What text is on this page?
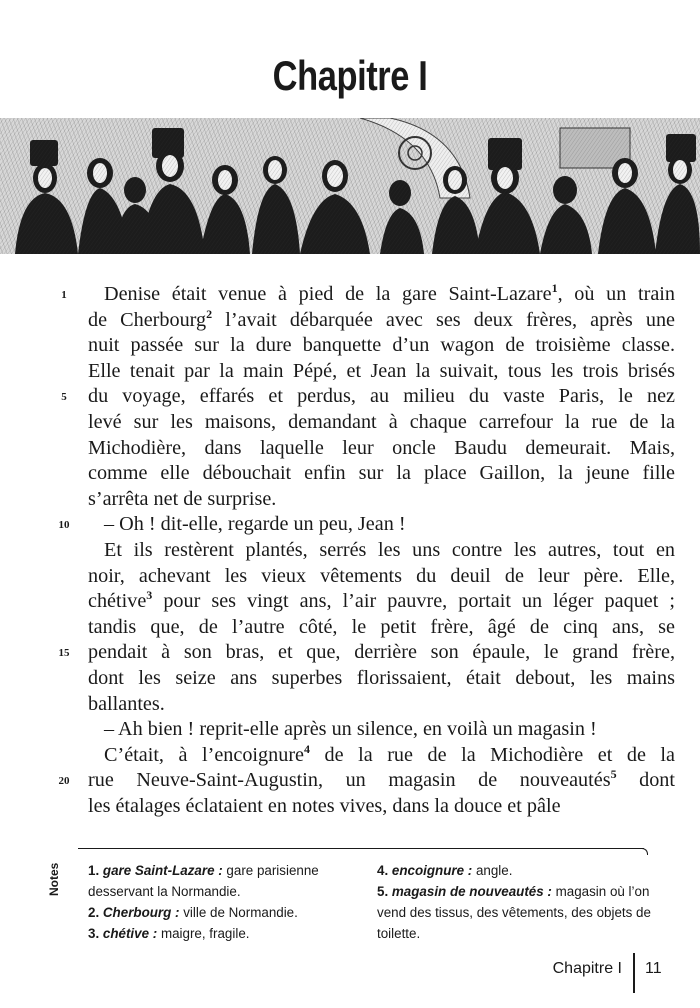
Chapitre I
1
5
10
15
20
Denise était venue à pied de la gare Saint-Lazare$^1$, où un train
de Cherbourg$^2$ l’avait débarquée avec ses deux frères, après une
nuit passée sur la dure banquette d’un wagon de troisième classe.
Elle tenait par la main Pépé, et Jean la suivait, tous les trois brisés
du voyage, effarés et perdus, au milieu du vaste Paris, le nez
levé sur les maisons, demandant à chaque carrefour la rue de la
Michodière, dans laquelle leur oncle Baudu demeurait. Mais,
comme elle débouchait enfin sur la place Gaillon, la jeune fille
s’arrêta net de surprise.
– Oh ! dit-elle, regarde un peu, Jean !
Et ils restèrent plantés, serrés les uns contre les autres, tout en
noir, achevant les vieux vêtements du deuil de leur père. Elle,
chétive$^3$ pour ses vingt ans, l’air pauvre, portait un léger paquet ;
tandis que, de l’autre côté, le petit frère, âgé de cinq ans, se
pendait à son bras, et que, derrière son épaule, le grand frère,
dont les seize ans superbes florissaient, était debout, les mains
ballantes.
– Ah bien ! reprit-elle après un silence, en voilà un magasin !
C’était, à l’encoignure$^4$ de la rue de la Michodière et de la
rue Neuve-Saint-Augustin, un magasin de nouveautés$^5$ dont
les étalages éclataient en notes vives, dans la douce et pâle
Notes	1. gare Saint-Lazare : gare parisienne desservant la Normandie.
2. Cherbourg : ville de Normandie.
3. chétive : maigre, fragile.
4. encoignure : angle.
5. magasin de nouveautés : magasin où l’on vend des tissus, des vêtements, des objets de toilette.
Chapitre I 11
